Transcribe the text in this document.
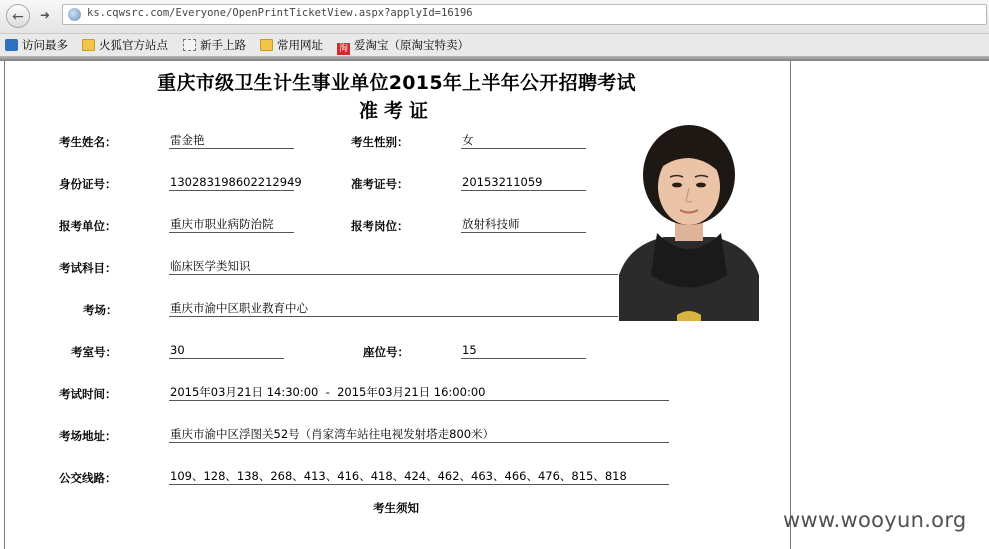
←	➜	ks.cqwsrc.com/Everyone/OpenPrintTicketView.aspx?applyId=16196
访问最多	火狐官方站点	新手上路	常用网址 淘 爱淘宝（原淘宝特卖）
重庆市级卫生计生事业单位2015年上半年公开招聘考试
准考证
考生姓名：	雷金艳	考生性别：	女
身份证号：	130283198602212949	准考证号：	20153211059
报考单位：	重庆市职业病防治院	报考岗位：	放射科技师
考试科目：	临床医学类知识
考场：	重庆市渝中区职业教育中心
考室号：	30	座位号：	15
考试时间：	2015年03月21日 14:30:00  -  2015年03月21日 16:00:00
考场地址：	重庆市渝中区浮图关52号（肖家湾车站往电视发射塔走800米）
公交线路：	109、128、138、268、413、416、418、424、462、463、466、476、815、818
考生须知	www.wooyun.org
